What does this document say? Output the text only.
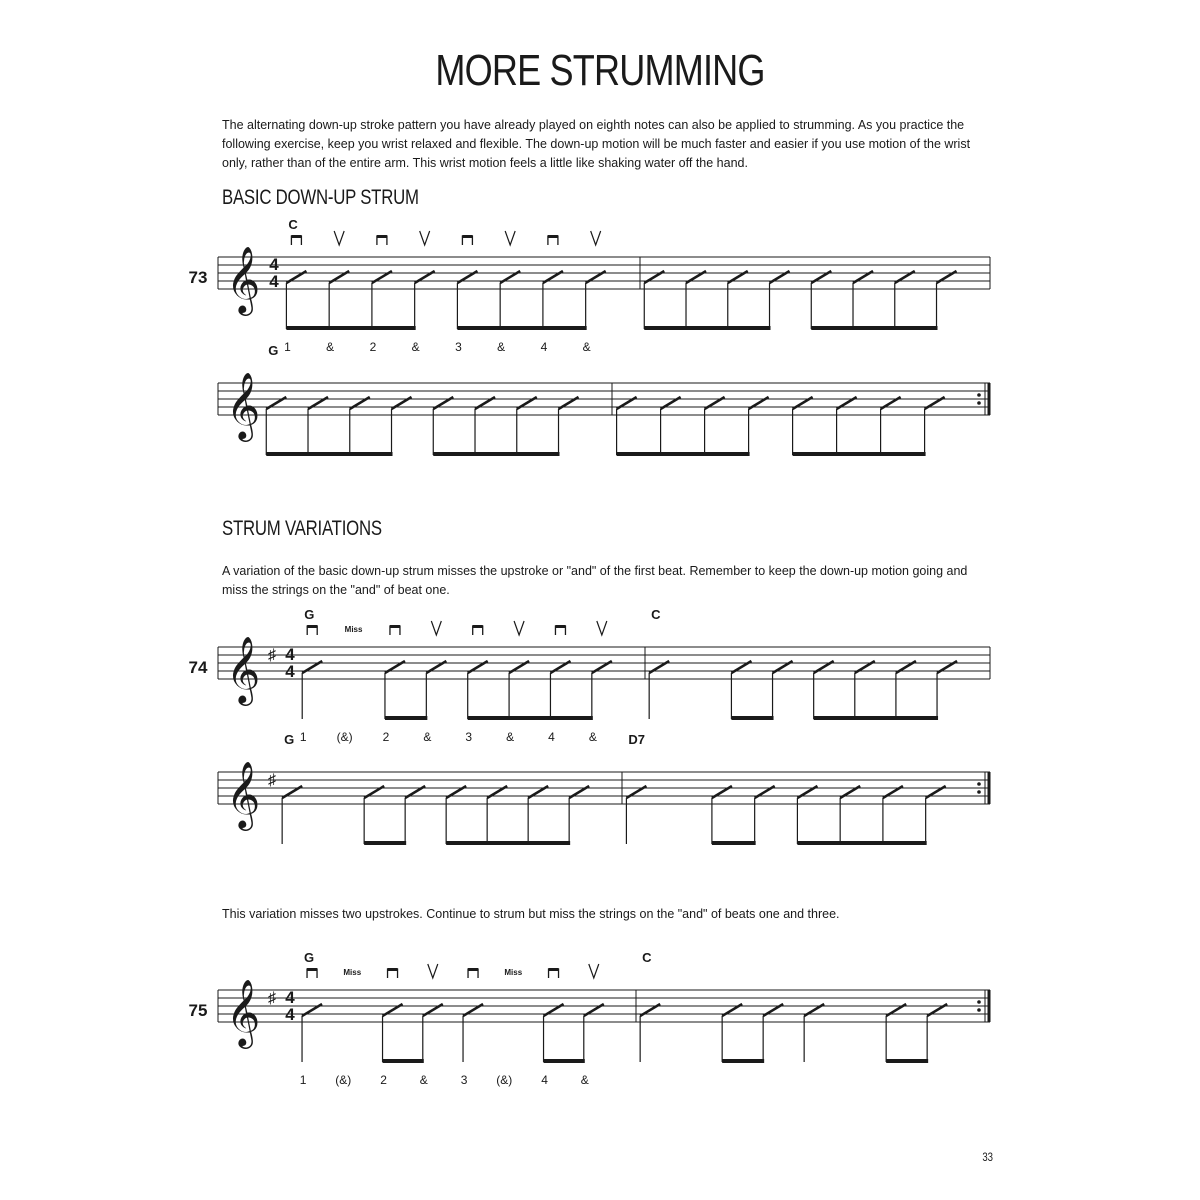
MORE STRUMMING

The alternating down-up stroke pattern you have already played on eighth notes can also be applied to strumming. As you practice the following exercise, keep you wrist relaxed and flexible. The down-up motion will be much faster and easier if you use motion of the wrist only, rather than of the entire arm. This wrist motion feels a little like shaking water off the hand.

BASIC DOWN-UP STRUM
STRUM VARIATIONS

A variation of the basic down-up strum misses the upstroke or "and" of the first beat. Remember to keep the down-up motion going and miss the strings on the "and" of beat one.

This variation misses two upstrokes. Continue to strum but miss the strings on the "and" of beats one and three.

𝄞 4
4
73
C
1	&	2	&	3	&	4	&
𝄞
G
𝄞 ♯ 4
4
74
G	C
Miss
1	(&)	2	&	3	&	4	&
𝄞 ♯
G	D7
𝄞 ♯ 4
4
75
G	C
Miss	Miss
1 (&) 2	&	3 (&) 4	&
33
